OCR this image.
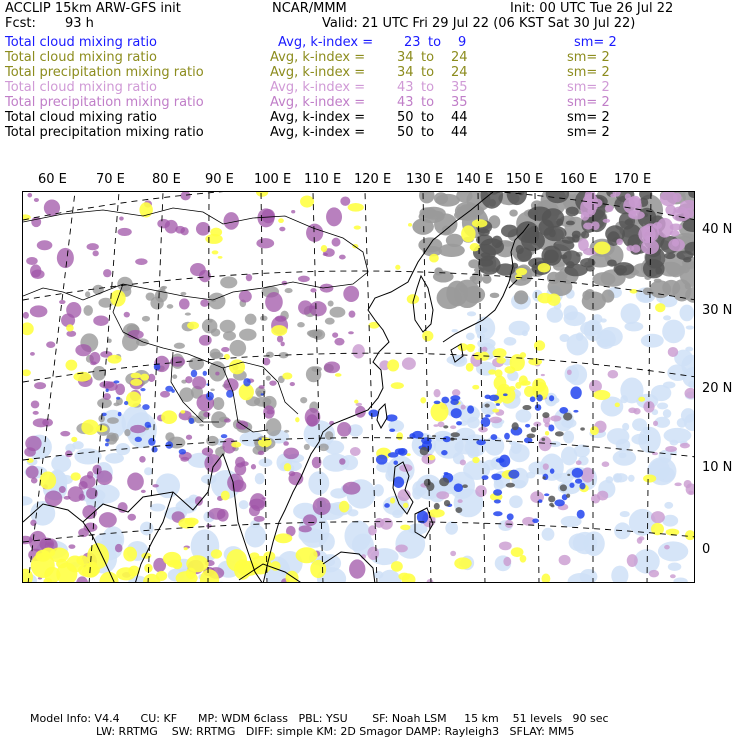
ACCLIP 15km ARW-GFS init	NCAR/MMM	Init: 00 UTC Tue 26 Jul 22
Fcst: 93 h	Valid: 21 UTC Fri 29 Jul 22 (06 KST Sat 30 Jul 22)
Total cloud mixing ratio	Avg, k-index = 23 to 9	sm= 2
Total cloud mixing ratio	Avg, k-index = 34 to 24	sm= 2
Total precipitation mixing ratio	Avg, k-index = 34 to 24	sm= 2
Total cloud mixing ratio	Avg, k-index = 43 to 35	sm= 2
Total precipitation mixing ratio	Avg, k-index = 43 to 35	sm= 2
Total cloud mixing ratio	Avg, k-index = 50 to 44	sm= 2
Total precipitation mixing ratio	Avg, k-index = 50 to 44	sm= 2
60 E 70 E 80 E 90 E 100 E 110 E 120 E 130 E 140 E 150 E 160 E 170 E
40 N
30 N
20 N
10 N
0
Model Info: V4.4      CU: KF      MP: WDM 6class   PBL: YSU       SF: Noah LSM     15 km    51 levels   90 sec
LW: RRTMG    SW: RRTMG   DIFF: simple KM: 2D Smagor DAMP: Rayleigh3   SFLAY: MM5
